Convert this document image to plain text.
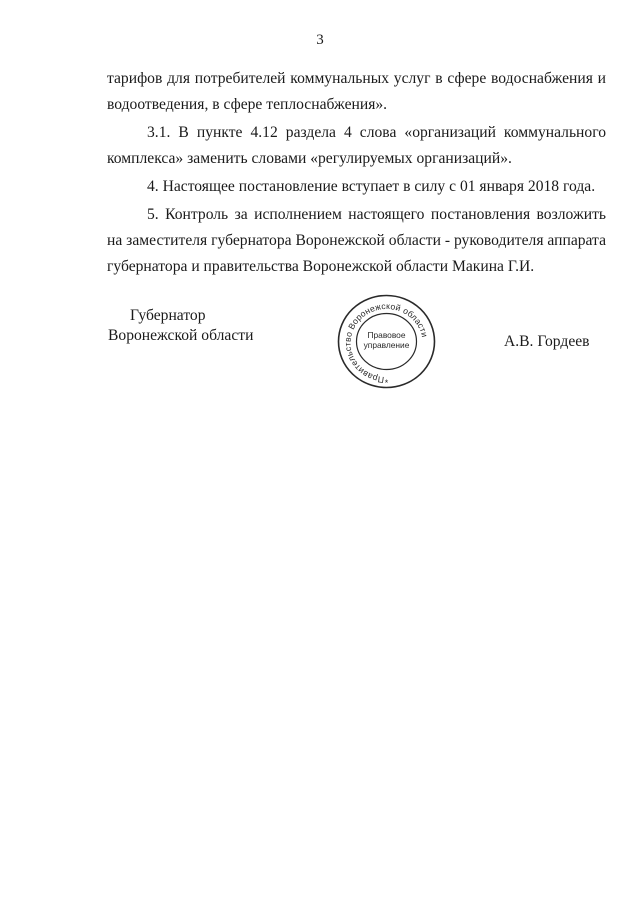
3

тарифов для потребителей коммунальных услуг в сфере водоснабжения и водоотведения, в сфере теплоснабжения».

3.1. В пункте 4.12 раздела 4 слова «организаций коммунального комплекса» заменить словами «регулируемых организаций».

4. Настоящее постановление вступает в силу с 01 января 2018 года.

5. Контроль за исполнением настоящего постановления возложить на заместителя губернатора Воронежской области - руководителя аппарата губернатора и правительства Воронежской области Макина Г.И.

Губернатор
Воронежской области
Правительство Воронежской области
Правовое
управление
*
А.В. Гордеев
